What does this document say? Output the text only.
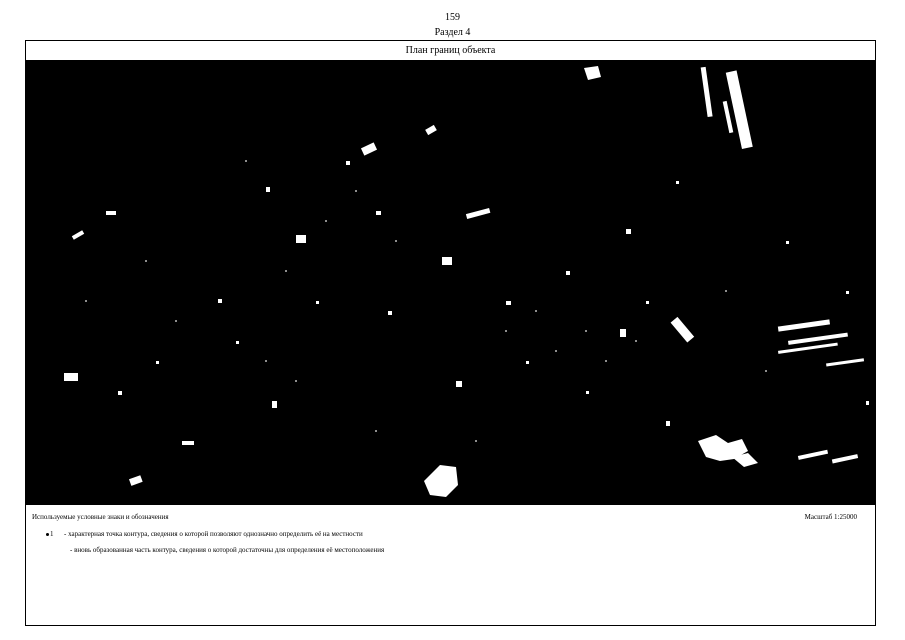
159
Раздел 4
План границ объекта
Используемые условные знаки и обозначения	Масштаб 1:25000
1 - характерная точка контура, сведения о которой позволяют однозначно определить её на местности
- вновь образованная часть контура, сведения о которой достаточны для определения её местоположения
